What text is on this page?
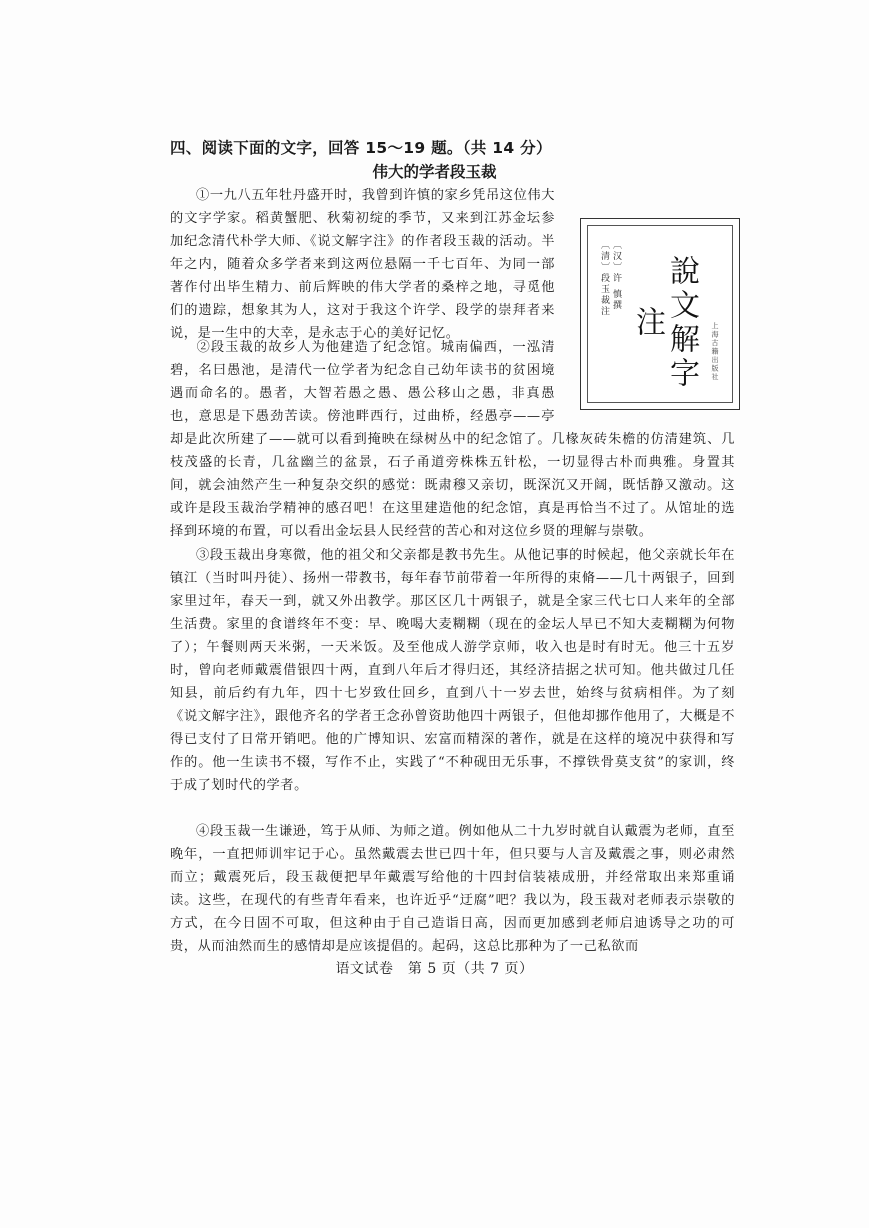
四、阅读下面的文字，回答 15～19 题。（共 14 分）
伟大的学者段玉裁
〔汉〕许 慎撰
〔清〕段玉裁注	說文解字注	上海古籍出版社

①一九八五年牡丹盛开时，我曾到许慎的家乡凭吊这位伟大的文字学家。稻黄蟹肥、秋菊初绽的季节，又来到江苏金坛参加纪念清代朴学大师、《说文解字注》的作者段玉裁的活动。半年之内，随着众多学者来到这两位悬隔一千七百年、为同一部著作付出毕生精力、前后辉映的伟大学者的桑梓之地，寻觅他们的遗踪，想象其为人，这对于我这个许学、段学的崇拜者来说，是一生中的大幸，是永志于心的美好记忆。

②段玉裁的故乡人为他建造了纪念馆。城南偏西，一泓清碧，名曰愚池，是清代一位学者为纪念自己幼年读书的贫困境遇而命名的。愚者，大智若愚之愚、愚公移山之愚，非真愚也，意思是下愚劲苦读。傍池畔西行，过曲桥，经愚亭——亭却是此次所建了——就可以看到掩映在绿树丛中的纪念馆了。几椽灰砖朱檐的仿清建筑、几枝茂盛的长青，几盆幽兰的盆景，石子甬道旁株株五针松，一切显得古朴而典雅。身置其间，就会油然产生一种复杂交织的感觉：既肃穆又亲切，既深沉又开阔，既恬静又激动。这或许是段玉裁治学精神的感召吧！在这里建造他的纪念馆，真是再恰当不过了。从馆址的选择到环境的布置，可以看出金坛县人民经营的苦心和对这位乡贤的理解与崇敬。

③段玉裁出身寒微，他的祖父和父亲都是教书先生。从他记事的时候起，他父亲就长年在镇江（当时叫丹徒）、扬州一带教书，每年春节前带着一年所得的束脩——几十两银子，回到家里过年，春天一到，就又外出教学。那区区几十两银子，就是全家三代七口人来年的全部生活费。家里的食谱终年不变：早、晚喝大麦糊糊（现在的金坛人早已不知大麦糊糊为何物了）；午餐则两天米粥，一天米饭。及至他成人游学京师，收入也是时有时无。他三十五岁时，曾向老师戴震借银四十两，直到八年后才得归还，其经济拮据之状可知。他共做过几任知县，前后约有九年，四十七岁致仕回乡，直到八十一岁去世，始终与贫病相伴。为了刻《说文解字注》，跟他齐名的学者王念孙曾资助他四十两银子，但他却挪作他用了，大概是不得已支付了日常开销吧。他的广博知识、宏富而精深的著作，就是在这样的境况中获得和写作的。他一生读书不辍，写作不止，实践了“不种砚田无乐事，不撑铁骨莫支贫”的家训，终于成了划时代的学者。

④段玉裁一生谦逊，笃于从师、为师之道。例如他从二十九岁时就自认戴震为老师，直至晚年，一直把师训牢记于心。虽然戴震去世已四十年，但只要与人言及戴震之事，则必肃然而立；戴震死后，段玉裁便把早年戴震写给他的十四封信装裱成册，并经常取出来郑重诵读。这些，在现代的有些青年看来，也许近乎“迂腐”吧？我以为，段玉裁对老师表示崇敬的方式，在今日固不可取，但这种由于自己造诣日高，因而更加感到老师启迪诱导之功的可贵，从而油然而生的感情却是应该提倡的。起码，这总比那种为了一己私欲而

语文试卷　第 5 页（共 7 页）
